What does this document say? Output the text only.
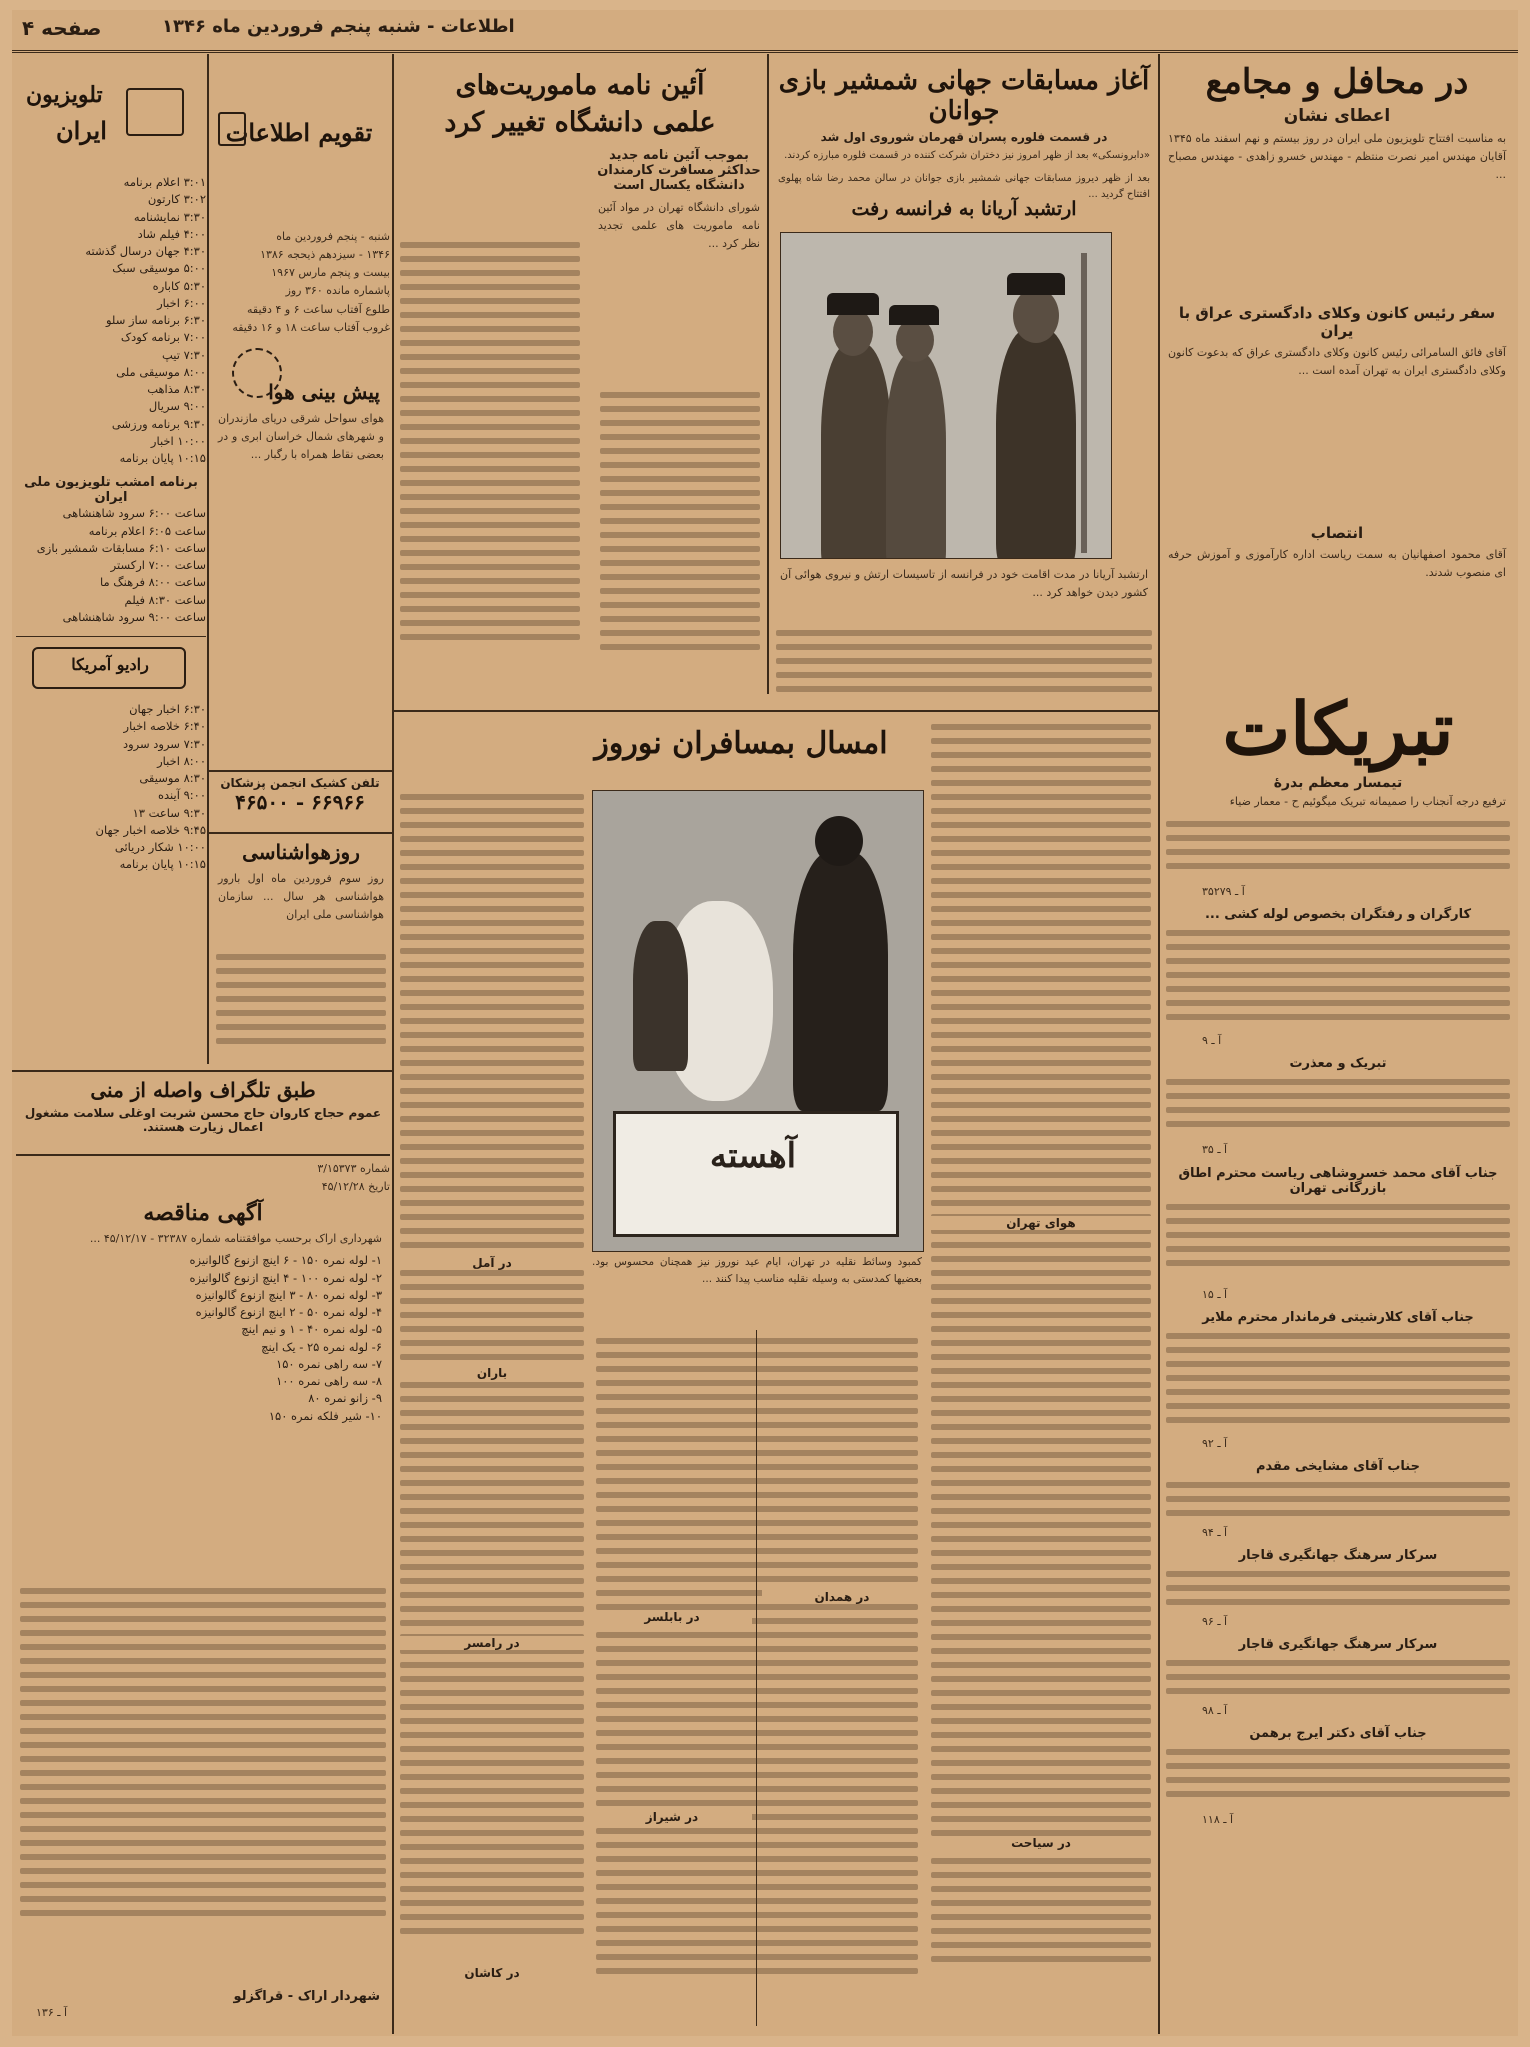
صفحه ۴	اطلاعات - شنبه پنجم فروردین ماه ۱۳۴۶
در محافل و مجامع
اعطای نشان
به مناسبت افتتاح تلویزیون ملی ایران در روز بیستم و نهم اسفند ماه ۱۳۴۵ آقایان مهندس امیر نصرت منتظم - مهندس خسرو زاهدی - مهندس مصباح ...
سفر رئیس کانون وکلای دادگستری عراق با یران
آقای فائق السامرائی رئیس کانون وکلای دادگستری عراق که بدعوت کانون وکلای دادگستری ایران به تهران آمده است ...
انتصاب
آقای محمود اصفهانیان به سمت ریاست اداره کارآموزی و آموزش حرفه ای منصوب شدند.
آغاز مسابقات جهانی شمشیر بازی جوانان
در قسمت فلوره پسران قهرمان شوروی اول شد
«دابرونسکی» بعد از ظهر امروز نیز دختران شرکت کننده در قسمت فلوره مبارزه کردند.
بعد از ظهر دیروز مسابقات جهانی شمشیر بازی جوانان در سالن محمد رضا شاه پهلوی افتتاح گردید ...
ارتشبد آریانا به فرانسه رفت
ارتشبد آریانا در مدت اقامت خود در فرانسه از تاسیسات ارتش و نیروی هوائی آن کشور دیدن خواهد کرد ...
آئین نامه ماموریت‌های
علمی دانشگاه تغییر کرد
بموجب آئین نامه جدید
حداکثر مسافرت کارمندان
دانشگاه یکسال است
شورای دانشگاه تهران در مواد آئین نامه ماموریت های علمی تجدید نظر کرد ...
تبریکات
تیمسار معظم بدرهٔ
ترفیع درجه آنجناب را صمیمانه تبریک میگوئیم ح - معمار ضیاء
آ ـ ۳۵۲۷۹
کارگران و رفتگران بخصوص لوله کشی ...
آ ـ ۹
تبریک و معذرت
آ ـ ۳۵
جناب آقای محمد خسروشاهی ریاست محترم اطاق بازرگانی تهران
آ ـ ۱۵
جناب آقای کلارشیتی فرماندار محترم ملایر
آ ـ ۹۲
جناب آقای مشایخی مقدم
آ ـ ۹۴
سرکار سرهنگ جهانگیری قاجار
آ ـ ۹۶
سرکار سرهنگ جهانگیری قاجار
آ ـ ۹۸
جناب آقای دکتر ایرج برهمن
آ ـ ۱۱۸
امسال بمسافران نوروز
آهسته
کمبود وسائط نقلیه در تهران، ایام عید نوروز نیز همچنان محسوس بود. بعضیها کمدستی به وسیله نقلیه مناسب پیدا کنند ...
هوای تهران
در سیاحت
در آمل
باران
در رامسر
در کاشان
در همدان
در بابلسر
در شیراز
تقویم اطلاعات
شنبه - پنجم فروردین ماه
۱۳۴۶ - سیزدهم ذیحجه ۱۳۸۶
بیست و پنجم مارس ۱۹۶۷
پاشماره مانده ۳۶۰ روز
طلوع آفتاب ساعت ۶ و ۴ دقیقه
غروب آفتاب ساعت ۱۸ و ۱۶ دقیقه
پیش بینی هوا
هوای سواحل شرقی دریای مازندران و شهرهای شمال خراسان ابری و در بعضی نقاط همراه با رگبار ...
تلفن کشیک انجمن پزشکان
۶۶۹۶۶ - ۴۶۵۰۰
روزهواشناسی
روز سوم فروردین ماه اول بارور هواشناسی هر سال ... سازمان هواشناسی ملی ایران
تلویزیون
ایران
۳:۰۱ اعلام برنامه
۳:۰۲ کارتون
۳:۳۰ نمایشنامه
۴:۰۰ فیلم شاد
۴:۳۰ جهان درسال گذشته
۵:۰۰ موسیقی سبک
۵:۳۰ کاباره
۶:۰۰ اخبار
۶:۳۰ برنامه ساز سلو
۷:۰۰ برنامه کودک
۷:۳۰ تیپ
۸:۰۰ موسیقی ملی
۸:۳۰ مذاهب
۹:۰۰ سریال
۹:۳۰ برنامه ورزشی
۱۰:۰۰ اخبار
۱۰:۱۵ پایان برنامه
برنامه امشب تلویزیون ملی ایران
ساعت ۶:۰۰ سرود شاهنشاهی
ساعت ۶:۰۵ اعلام برنامه
ساعت ۶:۱۰ مسابقات شمشیر بازی
ساعت ۷:۰۰ ارکستر
ساعت ۸:۰۰ فرهنگ ما
ساعت ۸:۳۰ فیلم
ساعت ۹:۰۰ سرود شاهنشاهی
رادیو آمریکا
۶:۳۰ اخبار جهان
۶:۴۰ خلاصه اخبار
۷:۳۰ سرود سرود
۸:۰۰ اخبار
۸:۳۰ موسیقی
۹:۰۰ آینده
۹:۳۰ ساعت ۱۳
۹:۴۵ خلاصه اخبار جهان
۱۰:۰۰ شکار دریائی
۱۰:۱۵ پایان برنامه
طبق تلگراف واصله از منی
عموم حجاج کاروان حاج محسن شربت اوغلی سلامت مشغول اعمال زیارت هستند.
شماره ۳/۱۵۳۷۳
تاریخ ۴۵/۱۲/۲۸
آگهی مناقصه
شهرداری اراک برحسب موافقتنامه شماره ۳۲۳۸۷ - ۴۵/۱۲/۱۷ ...
۱- لوله نمره ۱۵۰ - ۶ اینچ ازنوع گالوانیزه
۲- لوله نمره ۱۰۰ - ۴ اینچ ازنوع گالوانیزه
۳- لوله نمره ۸۰ - ۳ اینچ ازنوع گالوانیزه
۴- لوله نمره ۵۰ - ۲ اینچ ازنوع گالوانیزه
۵- لوله نمره ۴۰ - ۱ و نیم اینچ
۶- لوله نمره ۲۵ - یک اینچ
۷- سه راهی نمره ۱۵۰
۸- سه راهی نمره ۱۰۰
۹- زانو نمره ۸۰
۱۰- شیر فلکه نمره ۱۵۰
شهردار اراک - قراگزلو
آ ـ ۱۳۶
